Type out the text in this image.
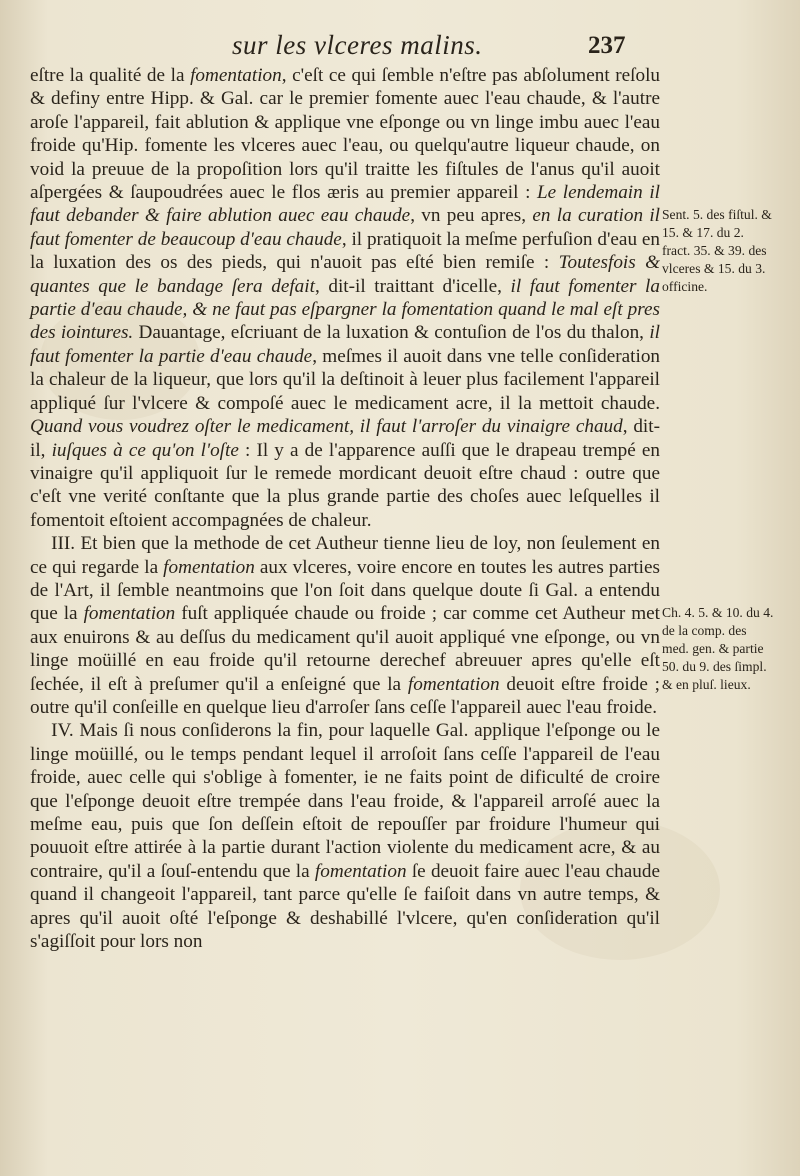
sur les vlceres malins.	237

eſtre la qualité de la fomentation, c'eſt ce qui ſemble n'eſtre pas abſolument reſolu & definy entre Hipp. & Gal. car le premier fomente auec l'eau chaude, & l'autre aroſe l'appareil, fait ablution & applique vne eſponge ou vn linge imbu auec l'eau froide qu'Hip. fomente les vlceres auec l'eau, ou quelqu'autre liqueur chaude, on void la preuue de la propoſition lors qu'il traitte les fiſtules de l'anus qu'il auoit aſpergées & ſaupoudrées auec le flos æris au premier appareil : Le lendemain il faut debander & faire ablution auec eau chaude, vn peu apres, en la curation il faut fomenter de beaucoup d'eau chaude, il pratiquoit la meſme perfuſion d'eau en la luxation des os des pieds, qui n'auoit pas eſté bien remiſe : Toutesfois & quantes que le bandage ſera defait, dit-il traittant d'icelle, il faut fomenter la partie d'eau chaude, & ne faut pas eſpargner la fomentation quand le mal eſt pres des iointures. Dauantage, eſcriuant de la luxation & contuſion de l'os du thalon, il faut fomenter la partie d'eau chaude, meſmes il auoit dans vne telle conſideration la chaleur de la liqueur, que lors qu'il la deſtinoit à leuer plus facilement l'appareil appliqué ſur l'vlcere & compoſé auec le medicament acre, il la mettoit chaude. Quand vous voudrez oſter le medicament, il faut l'arroſer du vinaigre chaud, dit-il, iuſques à ce qu'on l'oſte : Il y a de l'apparence auſſi que le drapeau trempé en vinaigre qu'il appliquoit ſur le remede mordicant deuoit eſtre chaud : outre que c'eſt vne verité conſtante que la plus grande partie des choſes auec leſquelles il fomentoit eſtoient accompagnées de chaleur.

III. Et bien que la methode de cet Autheur tienne lieu de loy, non ſeulement en ce qui regarde la fomentation aux vlceres, voire encore en toutes les autres parties de l'Art, il ſemble neantmoins que l'on ſoit dans quelque doute ſi Gal. a entendu que la fomentation fuſt appliquée chaude ou froide ; car comme cet Autheur met aux enuirons & au deſſus du medicament qu'il auoit appliqué vne eſponge, ou vn linge moüillé en eau froide qu'il retourne derechef abreuuer apres qu'elle eſt ſechée, il eſt à preſumer qu'il a enſeigné que la fomentation deuoit eſtre froide ; outre qu'il conſeille en quelque lieu d'arroſer ſans ceſſe l'appareil auec l'eau froide.

IV. Mais ſi nous conſiderons la fin, pour laquelle Gal. applique l'eſponge ou le linge moüillé, ou le temps pendant lequel il arroſoit ſans ceſſe l'appareil de l'eau froide, auec celle qui s'oblige à fomenter, ie ne faits point de dificulté de croire que l'eſponge deuoit eſtre trempée dans l'eau froide, & l'appareil arroſé auec la meſme eau, puis que ſon deſſein eſtoit de repouſſer par froidure l'humeur qui pouuoit eſtre attirée à la partie durant l'action violente du medicament acre, & au contraire, qu'il a ſouſ-entendu que la fomentation ſe deuoit faire auec l'eau chaude quand il changeoit l'appareil, tant parce qu'elle ſe faiſoit dans vn autre temps, & apres qu'il auoit oſté l'eſponge & deshabillé l'vlcere, qu'en conſideration qu'il s'agiſſoit pour lors non

Sent. 5. des fiſtul. & 15. & 17. du 2. fract. 35. & 39. des vlceres & 15. du 3. officine.
Ch. 4. 5. & 10. du 4. de la comp. des med. gen. & partie 50. du 9. des ſimpl. & en pluſ. lieux.
